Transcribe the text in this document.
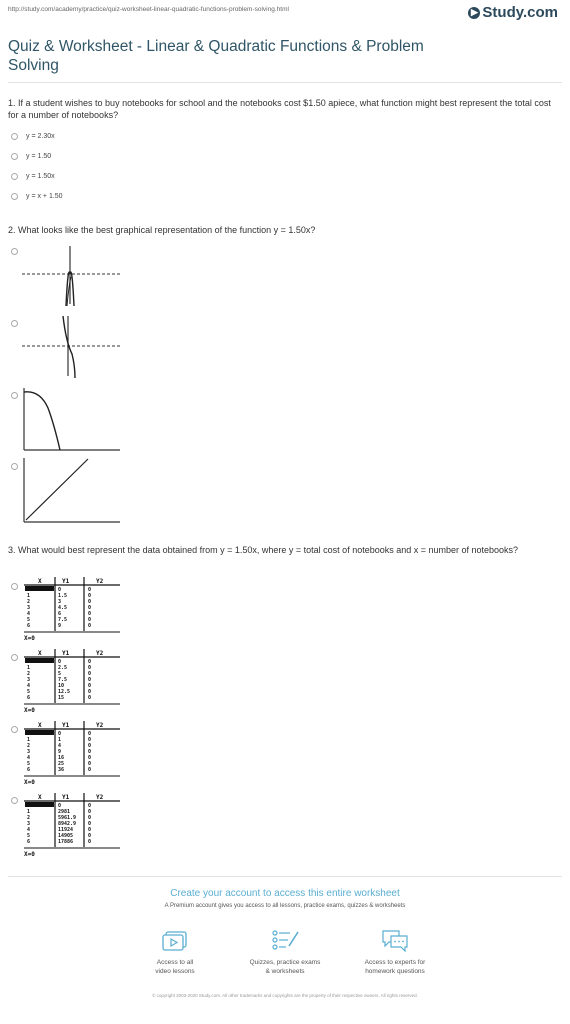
http://study.com/academy/practice/quiz-worksheet-linear-quadratic-functions-problem-solving.html	▶ Study.com
Quiz & Worksheet - Linear & Quadratic Functions & Problem Solving
1. If a student wishes to buy notebooks for school and the notebooks cost $1.50 apiece, what function might best represent the total cost for a number of notebooks?
y = 2.30x
y = 1.50
y = 1.50x
y = x + 1.50
2. What looks like the best graphical representation of the function y = 1.50x?
3. What would best represent the data obtained from y = 1.50x, where y = total cost of notebooks and x = number of notebooks?
X	Y1	Y2
0	0	0
1	1.5	0
2	3	0
3	4.5	0
4	6	0
5	7.5	0
6	9	0
X=0
X	Y1	Y2
0	0	0
1	2.5	0
2	5	0
3	7.5	0
4	10	0
5	12.5	0
6	15	0
X=0
X	Y1	Y2
0	0	0
1	1	0
2	4	0
3	9	0
4	16	0
5	25	0
6	36	0
X=0
X	Y1	Y2
0	0	0
1	2981	0
2	5961.9 0
3	8942.9 0
4	11924	0
5	14905	0
6	17886	0
X=0
Create your account to access this entire worksheet
A Premium account gives you access to all lessons, practice exams, quizzes & worksheets
Access to all
video lessons
Quizzes, practice exams
& worksheets
Access to experts for
homework questions
© copyright 2003-2020 Study.com. All other trademarks and copyrights are the property of their respective owners. All rights reserved.
